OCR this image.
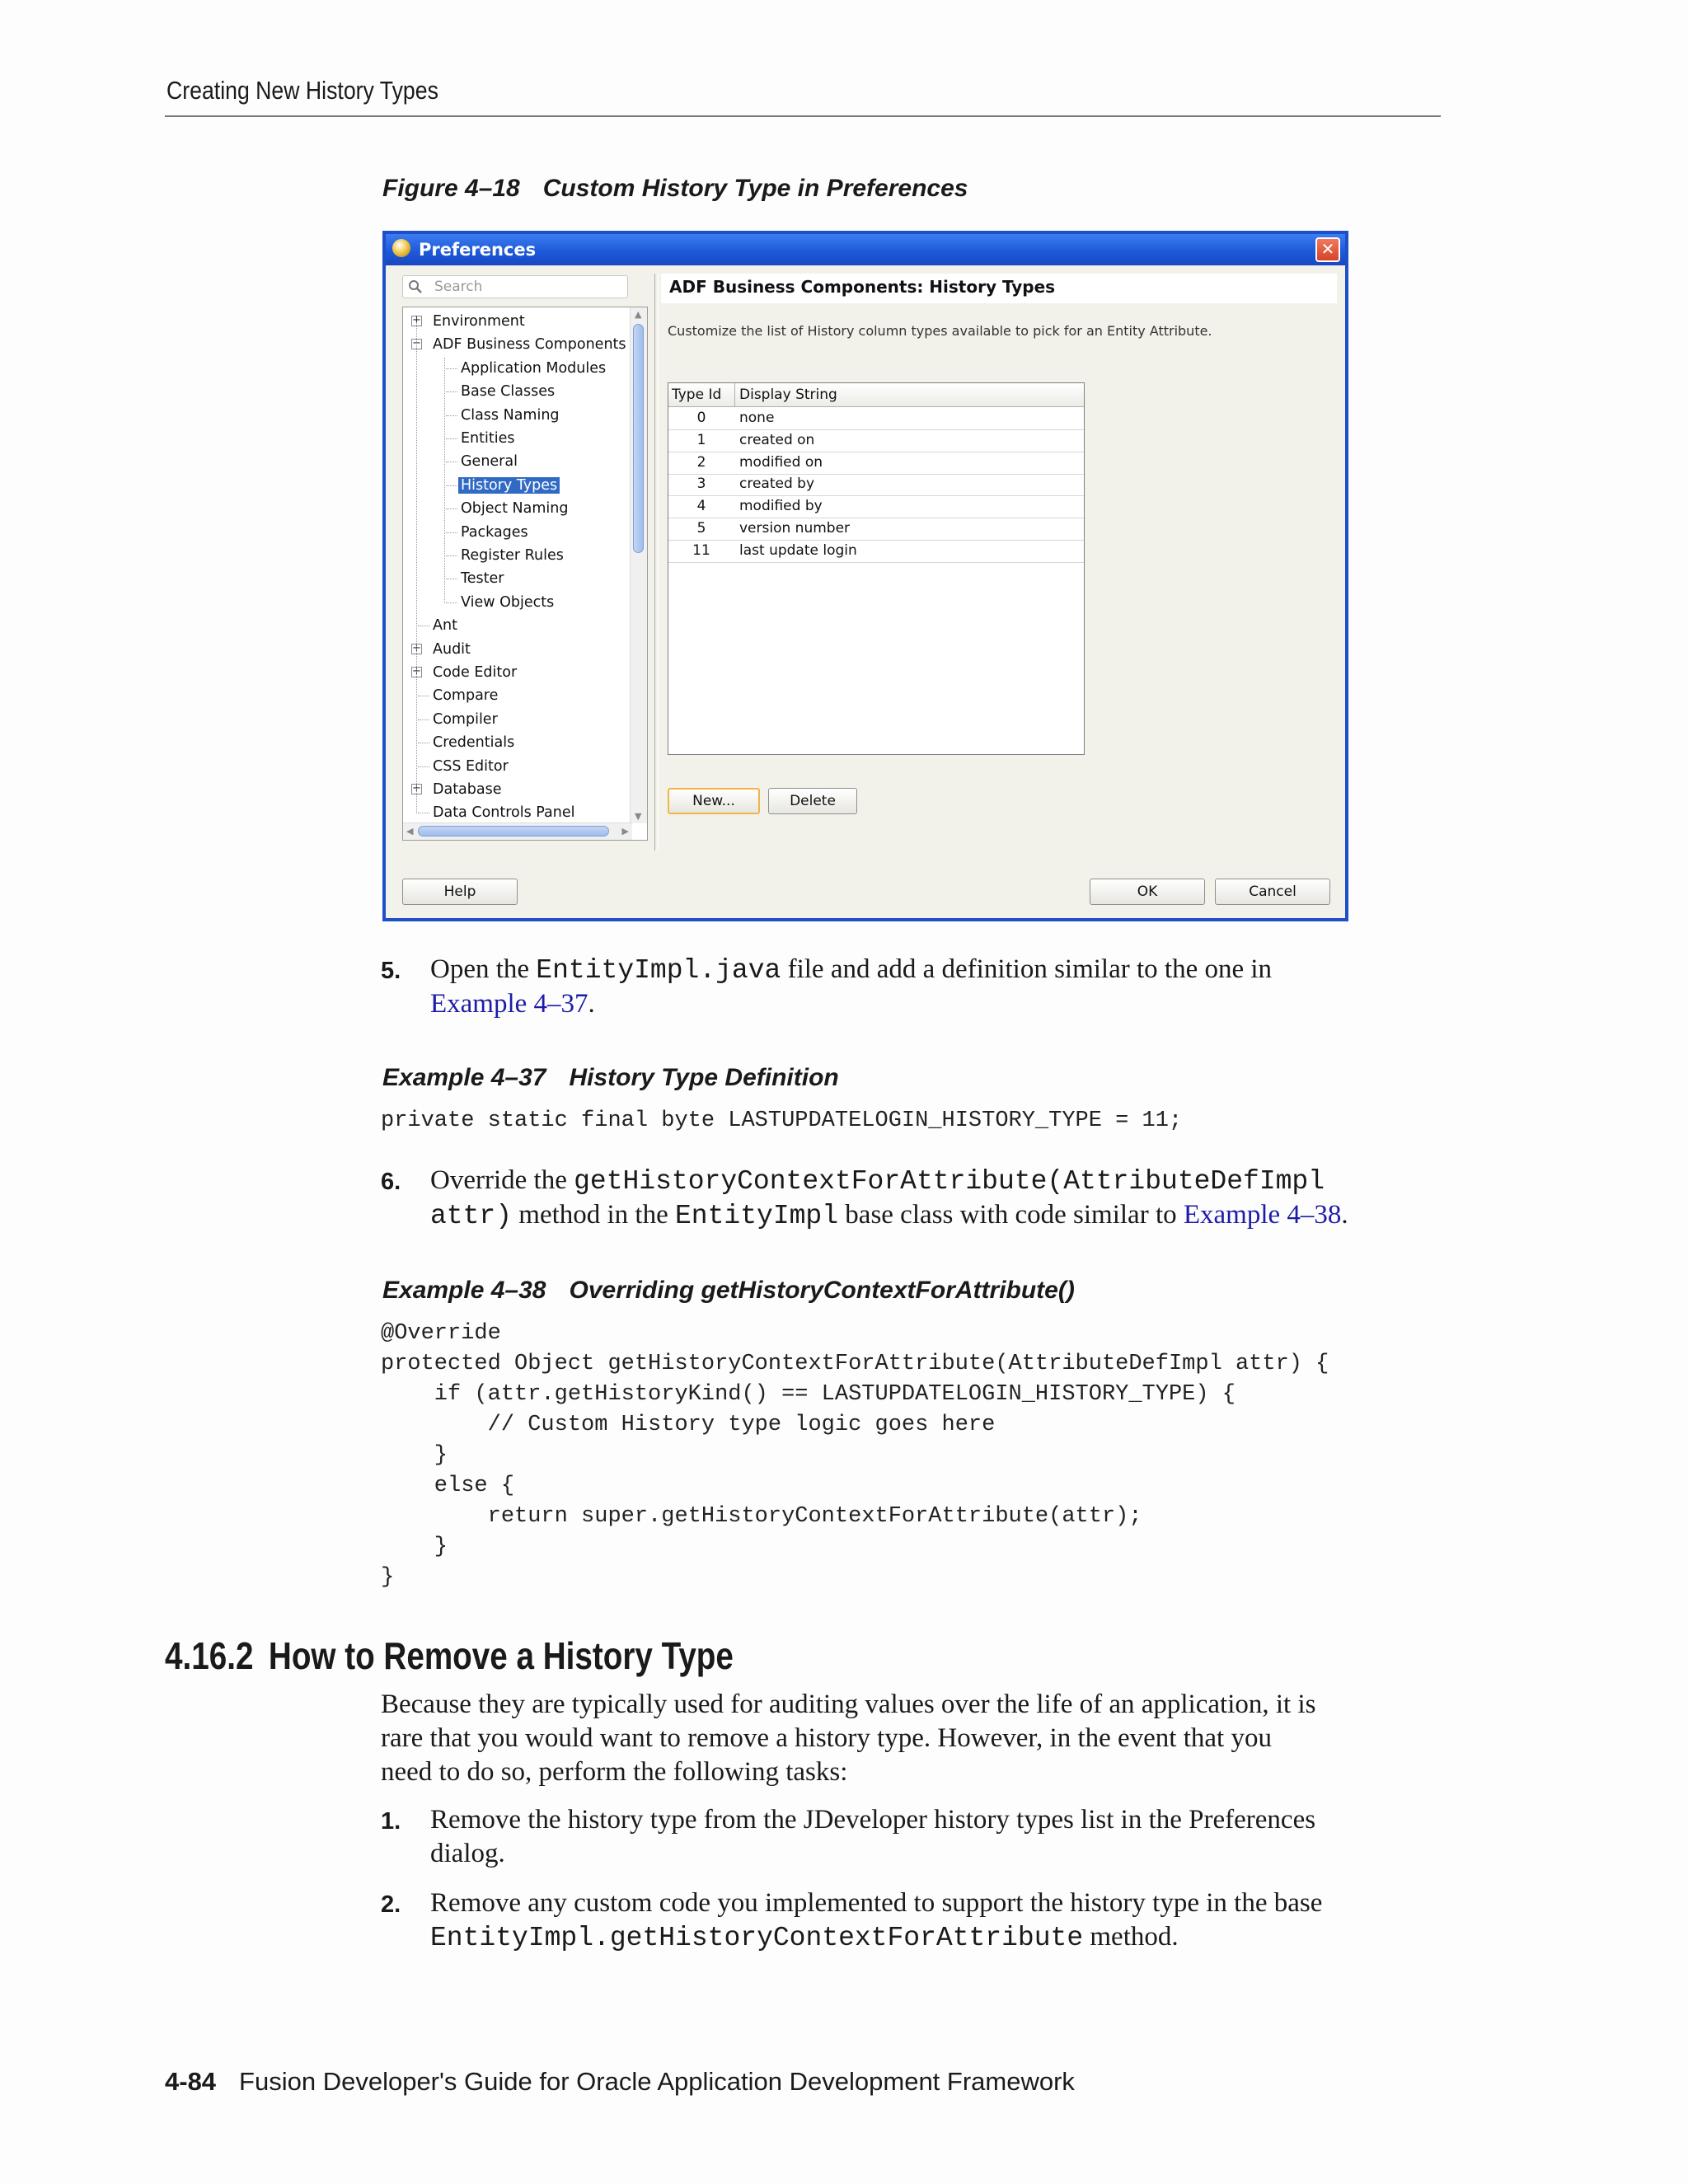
Creating New History Types
Figure 4–18 Custom History Type in Preferences
Preferences	✕
Search
+ Environment
− ADF Business Components
Application Modules
Base Classes
Class Naming
Entities
General
History Types
Object Naming
Packages
Register Rules
Tester
View Objects
Ant
+ Audit
+ Code Editor
Compare
Compiler
Credentials
CSS Editor
+ Database
Data Controls Panel
▲
▼
◀	▶
ADF Business Components: History Types
Customize the list of History column types available to pick for an Entity Attribute.
Type Id Display String
0	none
1	created on
2	modified on
3	created by
4	modified by
5	version number
11	last update login
New...	Delete
Help	OK	Cancel
5. Open the EntityImpl.java file and add a definition similar to the one in
Example 4–37.
Example 4–37 History Type Definition
private static final byte LASTUPDATELOGIN_HISTORY_TYPE = 11;
6. Override the getHistoryContextForAttribute(AttributeDefImpl
attr) method in the EntityImpl base class with code similar to Example 4–38.
Example 4–38 Overriding getHistoryContextForAttribute()
@Override
protected Object getHistoryContextForAttribute(AttributeDefImpl attr) {
if (attr.getHistoryKind() == LASTUPDATELOGIN_HISTORY_TYPE) {
// Custom History type logic goes here
}
else {
return super.getHistoryContextForAttribute(attr);
}
}
4.16.2 How to Remove a History Type
Because they are typically used for auditing values over the life of an application, it is
rare that you would want to remove a history type. However, in the event that you
need to do so, perform the following tasks:
1. Remove the history type from the JDeveloper history types list in the Preferences
dialog.
2. Remove any custom code you implemented to support the history type in the base
EntityImpl.getHistoryContextForAttribute method.
4-84 Fusion Developer's Guide for Oracle Application Development Framework
